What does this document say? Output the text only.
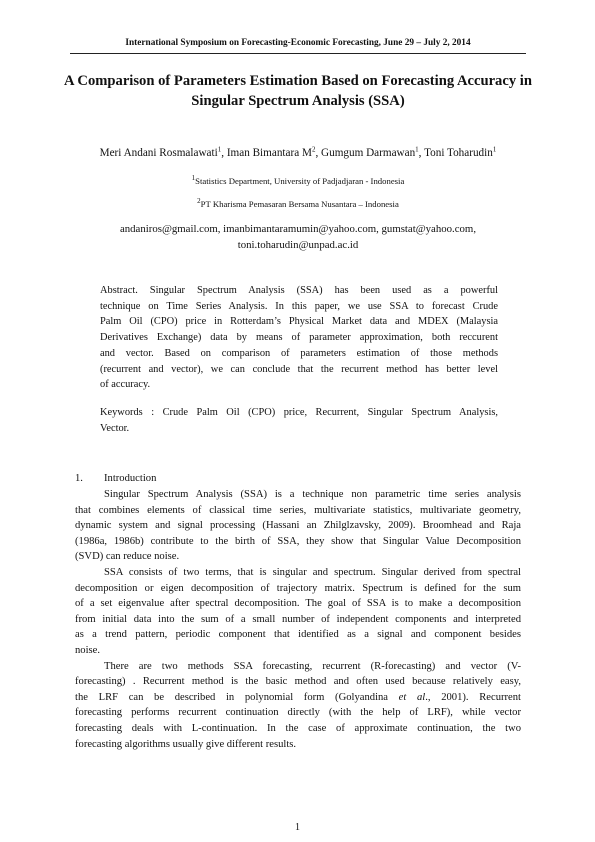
International Symposium on Forecasting-Economic Forecasting, June 29 – July 2, 2014
A Comparison of Parameters Estimation Based on Forecasting Accuracy in
Singular Spectrum Analysis (SSA)
Meri Andani Rosmalawati$^1$, Iman Bimantara $M^2$, Gumgum Darmawan$^1$, Toni Toharudin$^1$
$^1$Statistics Department, University of Padjadjaran - Indonesia
$^2$PT Kharisma Pemasaran Bersama Nusantara – Indonesia
andaniros@gmail.com, imanbimantaramumin@yahoo.com, gumstat@yahoo.com,
toni.toharudin@unpad.ac.id
Abstract. Singular Spectrum Analysis (SSA) has been used as a powerful
technique on Time Series Analysis. In this paper, we use SSA to forecast Crude
Palm Oil (CPO) price in Rotterdam’s Physical Market data and MDEX (Malaysia
Derivatives Exchange) data by means of parameter approximation, both reccurent
and vector. Based on comparison of parameters estimation of those methods
(recurrent and vector), we can conclude that the recurrent method has better level
of accuracy.
Keywords : Crude Palm Oil (CPO) price, Recurrent, Singular Spectrum Analysis,
Vector.
1. Introduction
Singular Spectrum Analysis (SSA) is a technique non parametric time series analysis
that combines elements of classical time series, multivariate statistics, multivariate geometry,
dynamic system and signal processing (Hassani an Zhilglzavsky, 2009). Broomhead and Raja
(1986a, 1986b) contribute to the birth of SSA, they show that Singular Value Decomposition
(SVD) can reduce noise.
SSA consists of two terms, that is singular and spectrum. Singular derived from spectral
decomposition or eigen decomposition of trajectory matrix. Spectrum is defined for the sum
of a set eigenvalue after spectral decomposition. The goal of SSA is to make a decomposition
from initial data into the sum of a small number of independent components and interpreted
as a trend pattern, periodic component that identified as a signal and component besides
noise.
There are two methods SSA forecasting, recurrent (R-forecasting) and vector (V-
forecasting) . Recurrent method is the basic method and often used because relatively easy,
the LRF can be described in polynomial form (Golyandina et al., 2001). Recurrent
forecasting performs recurrent continuation directly (with the help of LRF), while vector
forecasting deals with L-continuation. In the case of approximate continuation, the two
forecasting algorithms usually give different results.
1
